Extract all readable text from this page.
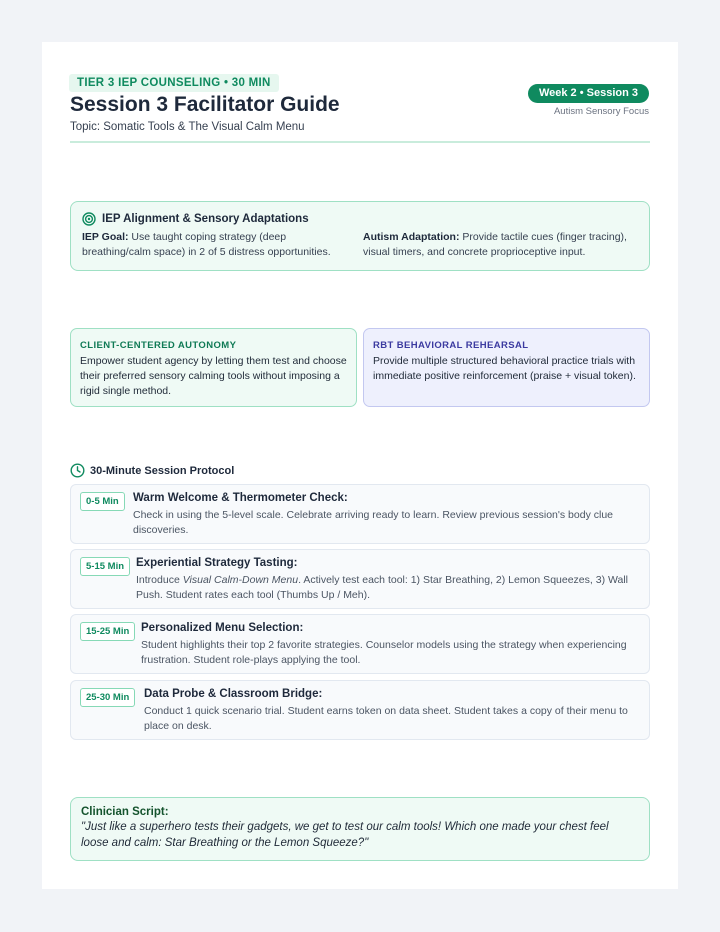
TIER 3 IEP COUNSELING • 30 MIN
Session 3 Facilitator Guide
Topic: Somatic Tools & The Visual Calm Menu
Week 2 • Session 3
Autism Sensory Focus
IEP Alignment & Sensory Adaptations
IEP Goal: Use taught coping strategy (deep breathing/calm space) in 2 of 5 distress opportunities.
Autism Adaptation: Provide tactile cues (finger tracing), visual timers, and concrete proprioceptive input.
CLIENT-CENTERED AUTONOMY
Empower student agency by letting them test and choose their preferred sensory calming tools without imposing a rigid single method.
RBT BEHAVIORAL REHEARSAL
Provide multiple structured behavioral practice trials with immediate positive reinforcement (praise + visual token).
30-Minute Session Protocol
0-5 Min	Warm Welcome & Thermometer Check:
Check in using the 5-level scale. Celebrate arriving ready to learn. Review previous session's body clue discoveries.
5-15 Min	Experiential Strategy Tasting:
Introduce Visual Calm-Down Menu. Actively test each tool: 1) Star Breathing, 2) Lemon Squeezes, 3) Wall Push. Student rates each tool (Thumbs Up / Meh).
15-25 Min	Personalized Menu Selection:
Student highlights their top 2 favorite strategies. Counselor models using the strategy when experiencing frustration. Student role-plays applying the tool.
25-30 Min	Data Probe & Classroom Bridge:
Conduct 1 quick scenario trial. Student earns token on data sheet. Student takes a copy of their menu to place on desk.
Clinician Script:
"Just like a superhero tests their gadgets, we get to test our calm tools! Which one made your chest feel loose and calm: Star Breathing or the Lemon Squeeze?"
